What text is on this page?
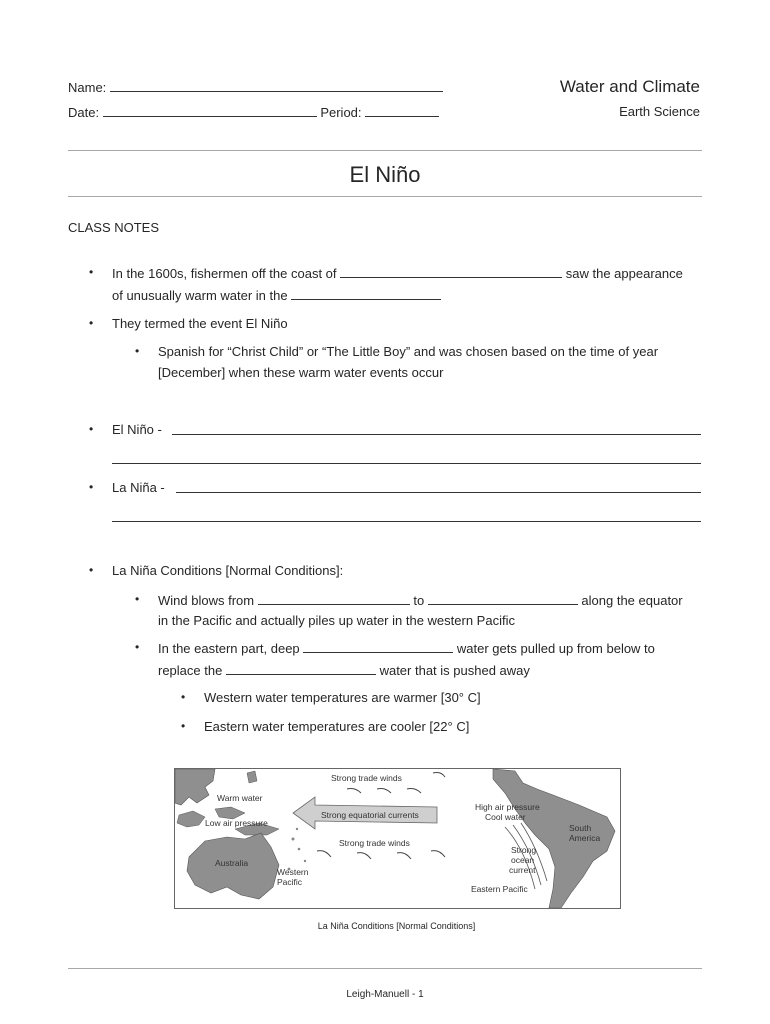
Name:
Date:	Period:
Water and Climate
Earth Science
El Niño
CLASS NOTES
• In the 1600s, fishermen off the coast of	saw the appearance
of unusually warm water in the
• They termed the event El Niño
• Spanish for “Christ Child” or “The Little Boy” and was chosen based on the time of year
[December] when these warm water events occur
• El Niño -
• La Niña -
• La Niña Conditions [Normal Conditions]:
• Wind blows from	to	along the equator
in the Pacific and actually piles up water in the western Pacific
• In the eastern part, deep	water gets pulled up from below to
replace the	water that is pushed away
• Western water temperatures are warmer [30° C]
• Eastern water temperatures are cooler [22° C]
Strong trade winds
Warm water
Low air pressure
Strong equatorial currents
Strong trade winds
High air pressure
Cool water
South
America
Strong
ocean
current
Australia
Western
Pacific
Eastern Pacific
La Niña Conditions [Normal Conditions]
Leigh-Manuell - 1
